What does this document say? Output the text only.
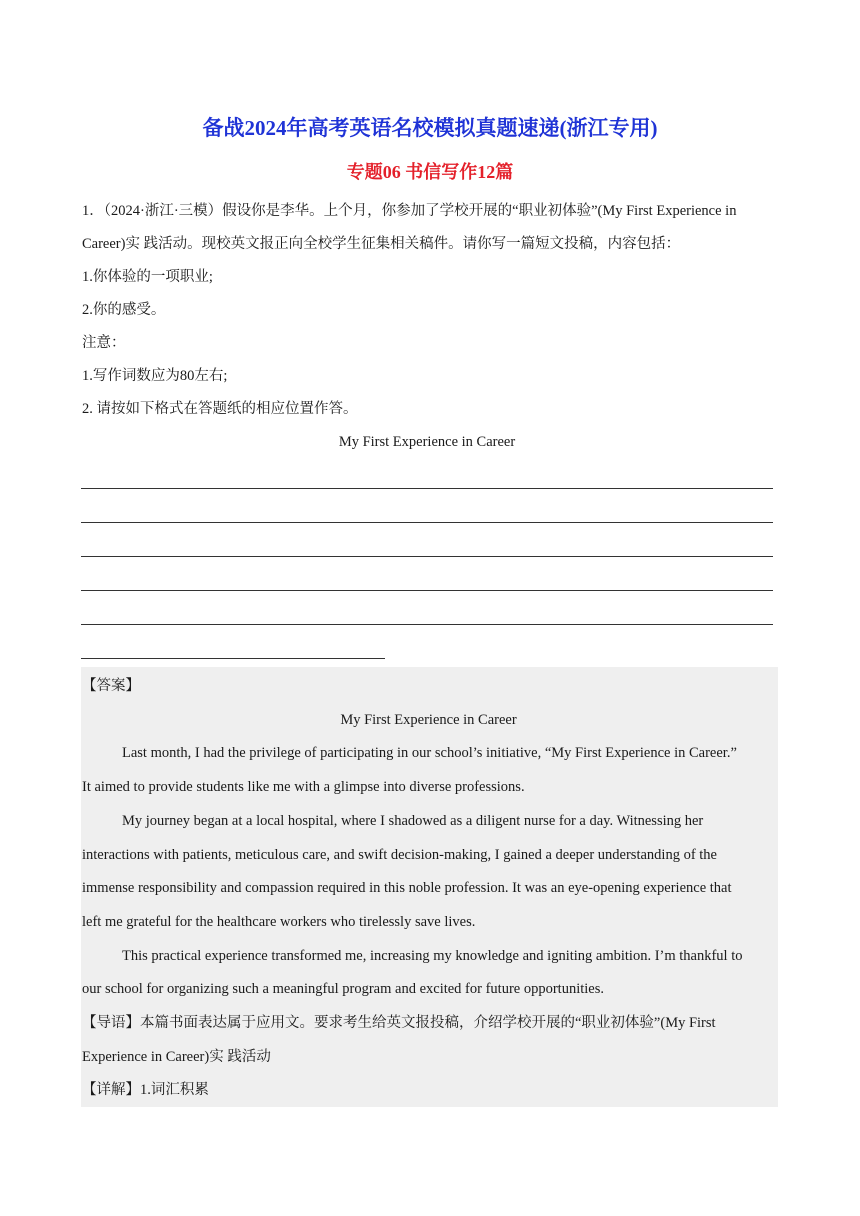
备战2024年高考英语名校模拟真题速递(浙江专用)
专题06 书信写作12篇

1．（2024·浙江·三模）假设你是李华。上个月，你参加了学校开展的“职业初体验”(My First Experience in

Career)实 践活动。现校英文报正向全校学生征集相关稿件。请你写一篇短文投稿，内容包括：

1.你体验的一项职业;

2.你的感受。

注意：

1.写作词数应为80左右;

2. 请按如下格式在答题纸的相应位置作答。

My First Experience in Career

【答案】

My First Experience in Career

Last month, I had the privilege of participating in our school’s initiative, “My First Experience in Career.”

It aimed to provide students like me with a glimpse into diverse professions.

My journey began at a local hospital, where I shadowed as a diligent nurse for a day. Witnessing her

interactions with patients, meticulous care, and swift decision-making, I gained a deeper understanding of the

immense responsibility and compassion required in this noble profession. It was an eye-opening experience that

left me grateful for the healthcare workers who tirelessly save lives.

This practical experience transformed me, increasing my knowledge and igniting ambition. I’m thankful to

our school for organizing such a meaningful program and excited for future opportunities.

【导语】本篇书面表达属于应用文。要求考生给英文报投稿，介绍学校开展的“职业初体验”(My First

Experience in Career)实 践活动

【详解】1.词汇积累
